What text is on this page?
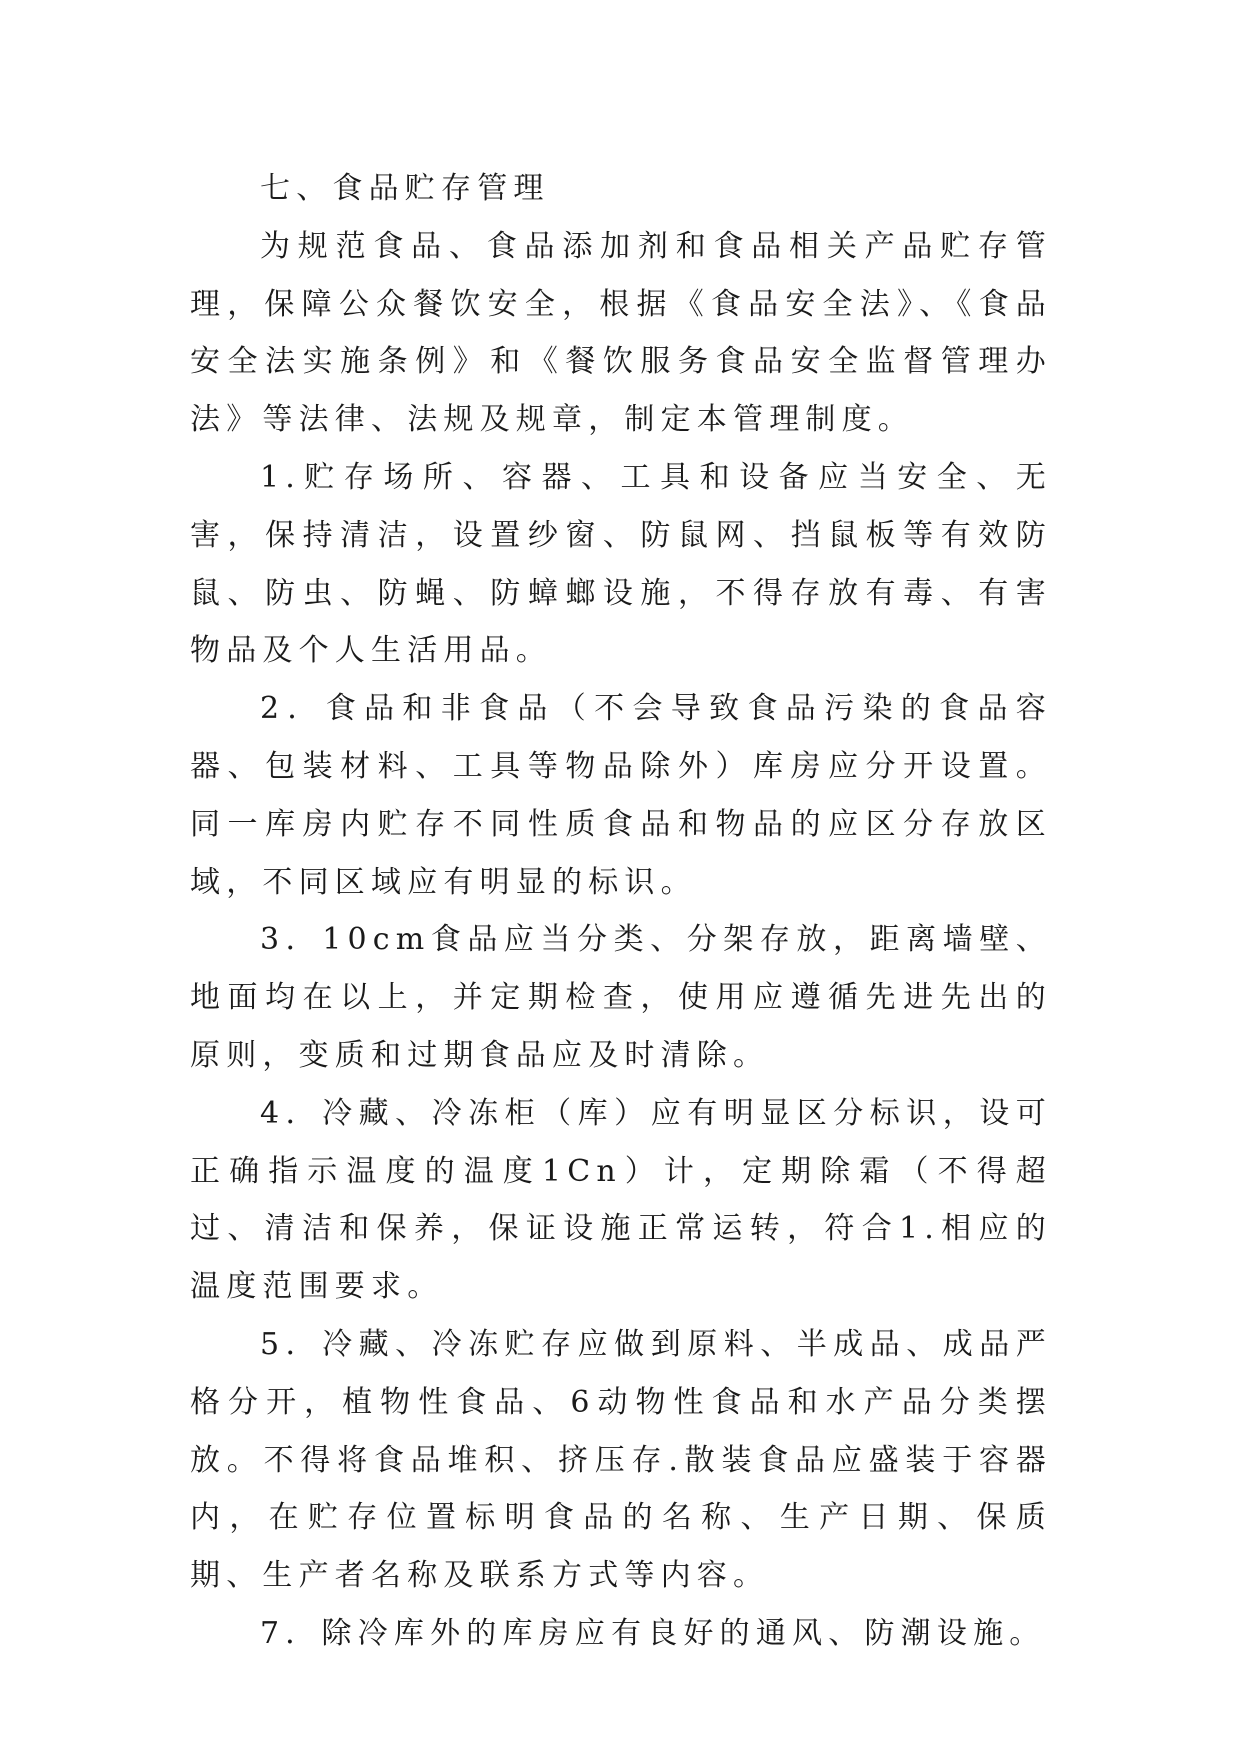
七、食品贮存管理

为规范食品、食品添加剂和食品相关产品贮存管理，保障公众餐饮安全，根据《食品安全法》、《食品安全法实施条例》和《餐饮服务食品安全监督管理办法》等法律、法规及规章，制定本管理制度。

1.贮存场所、容器、工具和设备应当安全、无害，保持清洁，设置纱窗、防鼠网、挡鼠板等有效防鼠、防虫、防蝇、防蟑螂设施，不得存放有毒、有害物品及个人生活用品。

2．食品和非食品（不会导致食品污染的食品容器、包装材料、工具等物品除外）库房应分开设置。同一库房内贮存不同性质食品和物品的应区分存放区域，不同区域应有明显的标识。

3．10cm食品应当分类、分架存放，距离墙壁、地面均在以上，并定期检查，使用应遵循先进先出的原则，变质和过期食品应及时清除。

4．冷藏、冷冻柜（库）应有明显区分标识，设可正确指示温度的温度1Cn）计，定期除霜（不得超过、清洁和保养，保证设施正常运转，符合1.相应的温度范围要求。

5．冷藏、冷冻贮存应做到原料、半成品、成品严格分开，植物性食品、6动物性食品和水产品分类摆放。不得将食品堆积、挤压存.散装食品应盛装于容器内，在贮存位置标明食品的名称、生产日期、保质期、生产者名称及联系方式等内容。

7．除冷库外的库房应有良好的通风、防潮设施。
